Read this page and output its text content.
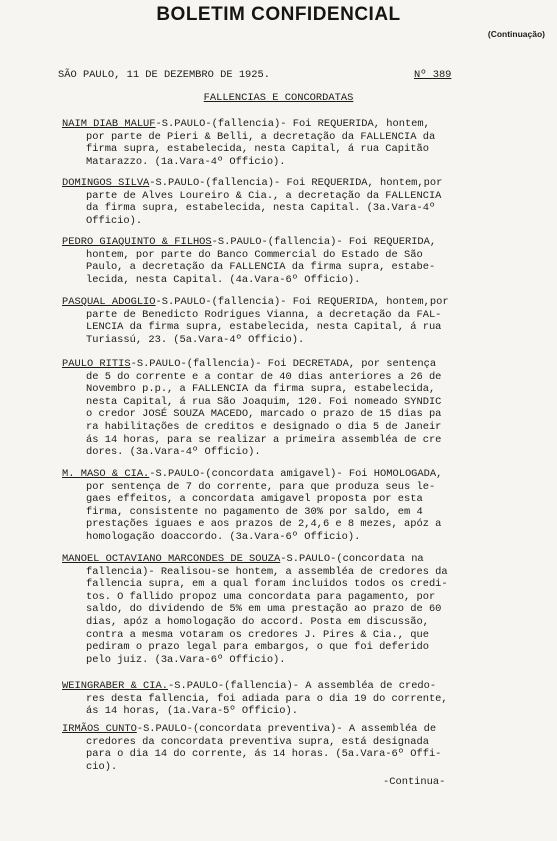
BOLETIM CONFIDENCIAL
(Continuação)
SÃO PAULO, 11 DE DEZEMBRO DE 1925.	Nº 389
FALLENCIAS E CONCORDATAS
NAIM DIAB MALUF-S.PAULO-(fallencia)- Foi REQUERIDA, hontem,
por parte de Pieri & Belli, a decretação da FALLENCIA da
firma supra, estabelecida, nesta Capital, á rua Capitão
Matarazzo. (1a.Vara-4º Officio).
DOMINGOS SILVA-S.PAULO-(fallencia)- Foi REQUERIDA, hontem,por
parte de Alves Loureiro & Cia., a decretação da FALLENCIA
da firma supra, estabelecida, nesta Capital. (3a.Vara-4º
Officio).
PEDRO GIAQUINTO & FILHOS-S.PAULO-(fallencia)- Foi REQUERIDA,
hontem, por parte do Banco Commercial do Estado de São
Paulo, a decretação da FALLENCIA da firma supra, estabe-
lecida, nesta Capital. (4a.Vara-6º Officio).
PASQUAL ADOGLIO-S.PAULO-(fallencia)- Foi REQUERIDA, hontem,por
parte de Benedicto Rodrigues Vianna, a decretação da FAL-
LENCIA da firma supra, estabelecida, nesta Capital, á rua
Turiassú, 23. (5a.Vara-4º Officio).
PAULO RITIS-S.PAULO-(fallencia)- Foi DECRETADA, por sentença
de 5 do corrente e a contar de 40 dias anteriores a 26 de
Novembro p.p., a FALLENCIA da firma supra, estabelecida,
nesta Capital, á rua São Joaquim, 120. Foi nomeado SYNDIC
o credor JOSÉ SOUZA MACEDO, marcado o prazo de 15 dias pa
ra habilitações de creditos e designado o dia 5 de Janeir
ás 14 horas, para se realizar a primeira assembléa de cre
dores. (3a.Vara-4º Officio).
M. MASO & CIA.-S.PAULO-(concordata amigavel)- Foi HOMOLOGADA,
por sentença de 7 do corrente, para que produza seus le-
gaes effeitos, a concordata amigavel proposta por esta
firma, consistente no pagamento de 30% por saldo, em 4
prestações iguaes e aos prazos de 2,4,6 e 8 mezes, apóz a
homologação doaccordo. (3a.Vara-6º Officio).
MANOEL OCTAVIANO MARCONDES DE SOUZA-S.PAULO-(concordata na
fallencia)- Realisou-se hontem, a assembléa de credores da
fallencia supra, em a qual foram incluidos todos os credi-
tos. O fallido propoz uma concordata para pagamento, por
saldo, do dividendo de 5% em uma prestação ao prazo de 60
dias, apóz a homologação do accord. Posta em discussão,
contra a mesma votaram os credores J. Pires & Cia., que
pediram o prazo legal para embargos, o que foi deferido
pelo juiz. (3a.Vara-6º Officio).
WEINGRABER & CIA.-S.PAULO-(fallencia)- A assembléa de credo-
res desta fallencia, foi adiada para o dia 19 do corrente,
ás 14 horas, (1a.Vara-5º Officio).
IRMÃOS CUNTO-S.PAULO-(concordata preventiva)- A assembléa de
credores da concordata preventiva supra, está designada
para o dia 14 do corrente, ás 14 horas. (5a.Vara-6º Offi-
cio).
-Continua-
